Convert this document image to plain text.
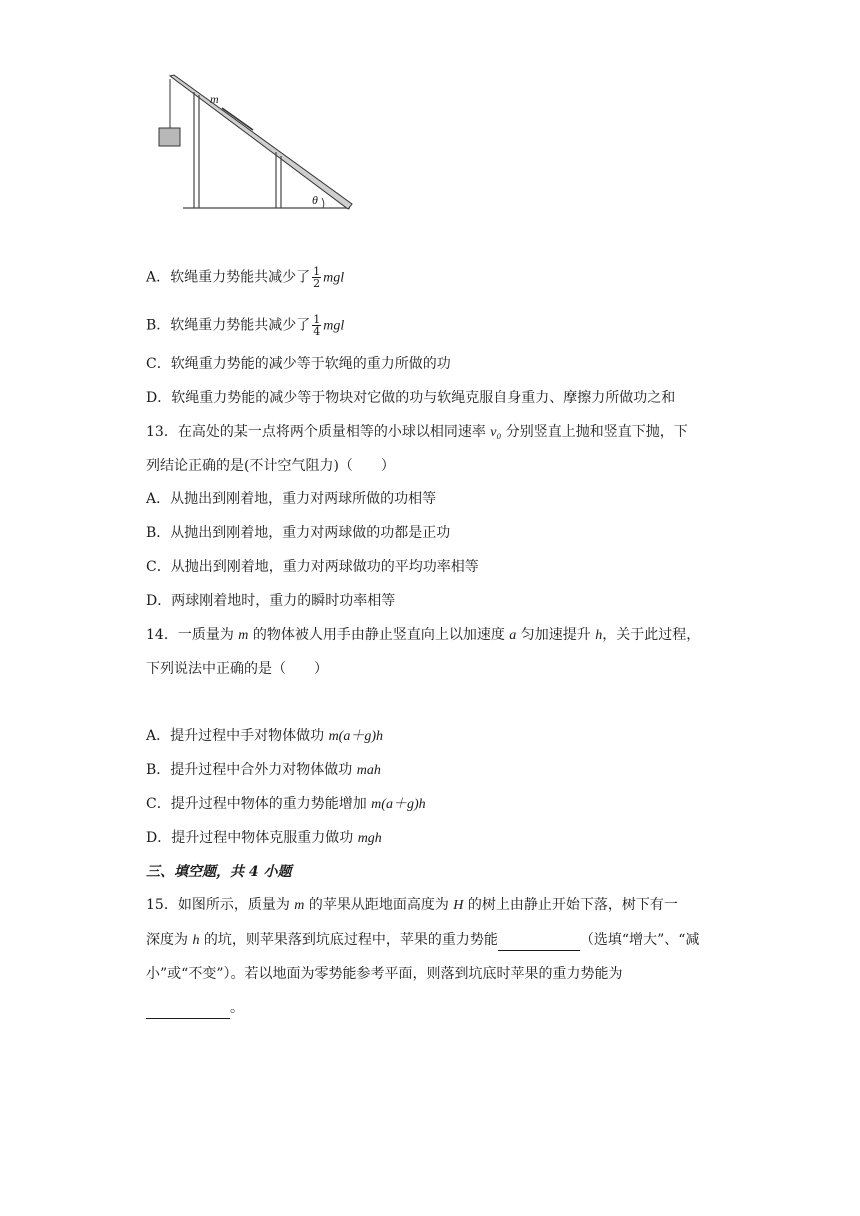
m
θ
A．软绳重力势能共减少了 $\frac{1}{2}$ mgl
B．软绳重力势能共减少了 $\frac{1}{4}$ mgl
C．软绳重力势能的减少等于软绳的重力所做的功
D．软绳重力势能的减少等于物块对它做的功与软绳克服自身重力、摩擦力所做功之和
13．在高处的某一点将两个质量相等的小球以相同速率 v₀ 分别竖直上抛和竖直下抛，下
列结论正确的是(不计空气阻力)（　　）
A．从抛出到刚着地，重力对两球所做的功相等
B．从抛出到刚着地，重力对两球做的功都是正功
C．从抛出到刚着地，重力对两球做功的平均功率相等
D．两球刚着地时，重力的瞬时功率相等
14．一质量为 m 的物体被人用手由静止竖直向上以加速度 a 匀加速提升 h，关于此过程，
下列说法中正确的是（　　）
A．提升过程中手对物体做功 m(a＋g)h
B．提升过程中合外力对物体做功 mah
C．提升过程中物体的重力势能增加 m(a＋g)h
D．提升过程中物体克服重力做功 mgh
三、填空题，共 4 小题
15．如图所示，质量为 m 的苹果从距地面高度为 H 的树上由静止开始下落，树下有一
深度为 h 的坑，则苹果落到坑底过程中，苹果的重力势能	（选填“增大”、“减
小”或“不变”）。若以地面为零势能参考平面，则落到坑底时苹果的重力势能为
。
